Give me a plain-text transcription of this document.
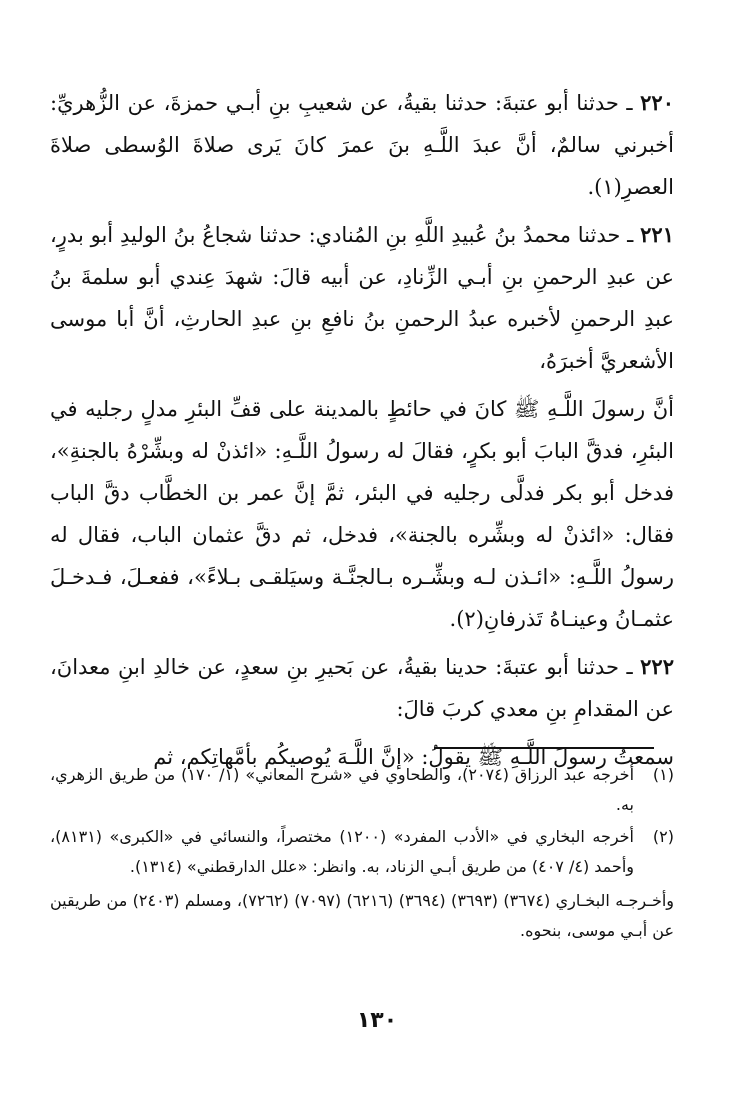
٢٢٠ ـ حدثنا أبو عتبةَ: حدثنا بقيةُ، عن شعيبِ بنِ أبـي حمزةَ، عن الزُّهريِّ: أخبرني سالمٌ، أنَّ عبدَ اللَّـهِ بنَ عمرَ كانَ يَرى صلاةَ الوُسطى صلاةَ العصرِ(١).

٢٢١ ـ حدثنا محمدُ بنُ عُبيدِ اللَّهِ بنِ المُنادي: حدثنا شجاعُ بنُ الوليدِ أبو بدرٍ، عن عبدِ الرحمنِ بنِ أبـي الزِّنادِ، عن أبيه قالَ: شهدَ عِندي أبو سلمةَ بنُ عبدِ الرحمنِ لأخبره عبدُ الرحمنِ بنُ نافعِ بنِ عبدِ الحارثِ، أنَّ أبا موسى الأشعريَّ أخبرَهُ،

أنَّ رسولَ اللَّـهِ ﷺ كانَ في حائطٍ بالمدينة على قفِّ البئرِ مدلٍ رجليه في البئرِ، فدقَّ البابَ أبو بكرٍ، فقالَ له رسولُ اللَّـهِ: «ائذنْ له وبشِّرْهُ بالجنةِ»، فدخل أبو بكر فدلَّى رجليه في البئر، ثمَّ إنَّ عمر بن الخطَّاب دقَّ الباب فقال: «ائذنْ له وبشِّره بالجنة»، فدخل، ثم دقَّ عثمان الباب، فقال له رسولُ اللَّـهِ: «ائـذن لـه وبشِّـره بـالجنَّـة وسيَلقـى بـلاءً»، ففعـلَ، فـدخـلَ عثمـانُ وعينـاهُ تَذرفانِ(٢).

٢٢٢ ـ حدثنا أبو عتبةَ: حدينا بقيةُ، عن بَحيرِ بنِ سعدٍ، عن خالدِ ابنِ معدانَ، عن المقدامِ بنِ معدي كربَ قالَ:

سمعتُ رسولَ اللَّـهِ ﷺ يقولُ: «إنَّ اللَّـهَ يُوصيكُم بأمَّهاتِكم، ثم

(١)
أخرجه عبد الرزاق (٢٠٧٤)، والطحاوي في «شرح المعاني» (١/ ١٧٠) من طريق الزهري، به.
(٢)
أخرجه البخاري في «الأدب المفرد» (١٢٠٠) مختصراً، والنسائي في «الكبرى» (٨١٣١)، وأحمد (٤/ ٤٠٧) من طريق أبـي الزناد، به. وانظر: «علل الدارقطني» (١٣١٤).
وأخـرجـه البخـاري (٣٦٧٤) (٣٦٩٣) (٣٦٩٤) (٦٢١٦) (٧٠٩٧) (٧٢٦٢)، ومسلم (٢٤٠٣) من طريقين عن أبـي موسى، بنحوه.
١٣٠
